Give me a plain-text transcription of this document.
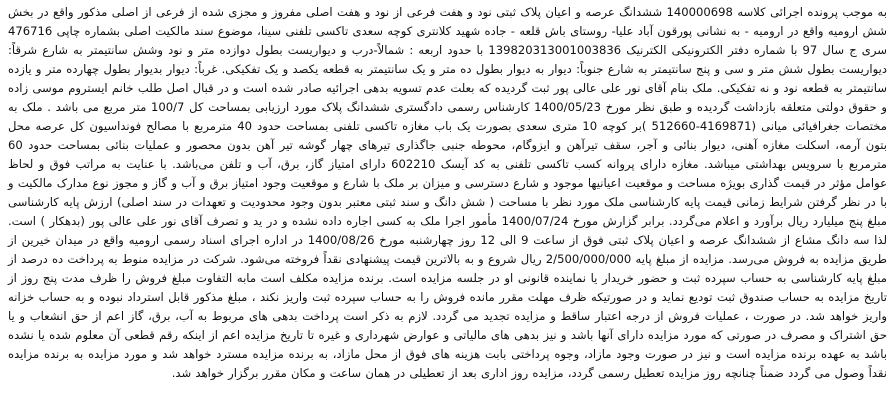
به موجب پرونده اجرائی کلاسه 140000698 ششدانگ عرصه و اعیان پلاک ثبتی نود و هفت فرعی از نود و هفت اصلی مفروز و مجزی شده از فرعی از اصلی مذکور واقع در بخش شش ارومیه واقع در ارومیه - به نشانی پورقون آباد علیا- روستای باش قلعه - جاده شهید کلانتری کوچه سعدی تاکسی تلفنی سینا، موضوع سند مالکیت اصلی بشماره چاپی 476716 سری ج سال 97 با شماره دفتر الکترونیکی الکترنیک 139820313001003836 با حدود اربعه : شمالاً-درب و دیواریست بطول دوازده متر و نود وشش سانتیمتر به شارع شرقاً: دیواریست بطول شش متر و سی و پنج سانتیمتر به شارع جنوباً: دیوار به دیوار بطول ده متر و یک سانتیمتر به قطعه یکصد و یک تفکیکی. غرباً: دیوار بدیوار بطول چهارده متر و یازده سانتیمتر به قطعه نود و نه تفکیکی. ملک بنام آقای نور علی عالی پور ثبت گردیده که بعلت عدم تسویه بدهی اجرائیه صادر شده است و در قبال اصل طلب خانم ایستروم موسی زاده و حقوق دولتی متعلقه بازداشت گردیده و طبق نظر مورخ 1400/05/23 کارشناس رسمی دادگستری ششدانگ پلاک مورد ارزیابی بمساحت کل 100/7 متر مربع می باشد . ملک به مختصات جغرافیائی میانی (4169871-512660 )بر کوچه 10 متری سعدی بصورت یک باب مغازه تاکسی تلفنی بمساحت حدود 40 مترمربع با مصالح فونداسیون کل عرصه محل بتون آرمه، اسکلت مغازه آهنی، دیوار بنائی و آجر، سقف تیرآهن و ایزوگام، محوطه جنبی جاگذاری تیرهای چهار گوشه تیر آهن بدون محصور و عملیات بنائی بمساحت حدود 60 مترمربع با سرویس بهداشتی میباشد. مغازه دارای پروانه کسب تاکسی تلفنی به کد آیسک 602210 دارای امتیاز گاز، برق، آب و تلفن می‌باشد. با عنایت به مراتب فوق و لحاظ عوامل مؤثر در قیمت گذاری بویژه مساحت و موقعیت اعیانیها موجود و شارع دسترسی و میزان بر ملک با شارع و موقعیت وجود امتیاز برق و آب و گاز و مجوز نوع مدارک مالکیت و با در نظر گرفتن شرایط زمانی قیمت پایه کارشناسی ملک مورد نظر با مساحت ( شش دانگ و سند ثبتی معتبر بدون وجود محدودیت و تعهدات در سند اصلی) ارزش پایه کارشناسی مبلغ پنج میلیارد ریال برآورد و اعلام می‌گردد. برابر گزارش مورخ 1400/07/24 مأمور اجرا ملک به کسی اجاره داده نشده و در ید و تصرف آقای نور علی عالی پور (بدهکار ) است. لذا سه دانگ مشاع از ششدانگ عرصه و اعیان پلاک ثبتی فوق از ساعت 9 الی 12 روز چهارشنبه مورخ 1400/08/26 در اداره اجرای اسناد رسمی ارومیه واقع در میدان خیرین از طریق مزایده به فروش می‌رسد. مزایده از مبلغ پایه 2/500/000/000 ریال شروع و به بالاترین قیمت پیشنهادی نقداً فروخته می‌شود. شرکت در مزایده منوط به پرداخت ده درصد از مبلغ پایه کارشناسی به حساب سپرده ثبت و حضور خریدار یا نماینده قانونی او در جلسه مزایده است. برنده مزایده مکلف است مابه التفاوت مبلغ فروش را ظرف مدت پنج روز از تاریخ مزایده به حساب صندوق ثبت تودیع نماید و در صورتیکه ظرف مهلت مقرر مانده فروش را به حساب سپرده ثبت واریز نکند ، مبلغ مذکور قابل استرداد نبوده و به حساب خزانه واریز خواهد شد. در صورت ، عملیات فروش از درجه اعتبار ساقط و مزایده تجدید می گردد. لازم به ذکر است پرداخت بدهی های مربوط به آب، برق، گاز اعم از حق انشعاب و یا حق اشتراک و مصرف در صورتی که مورد مزایده دارای آنها باشد و نیز بدهی های مالیاتی و عوارض شهرداری و غیره تا تاریخ مزایده اعم از اینکه رقم قطعی آن معلوم شده یا نشده باشد به عهده برنده مزایده است و نیز در صورت وجود مازاد، وجوه پرداختی بابت هزینه های فوق از محل مازاد، به برنده مزایده مسترد خواهد شد و مورد مزایده به برنده مزایده نقداً وصول می گردد ضمناً چنانچه روز مزایده تعطیل رسمی گردد، مزایده روز اداری بعد از تعطیلی در همان ساعت و مکان مقرر برگزار خواهد شد.
